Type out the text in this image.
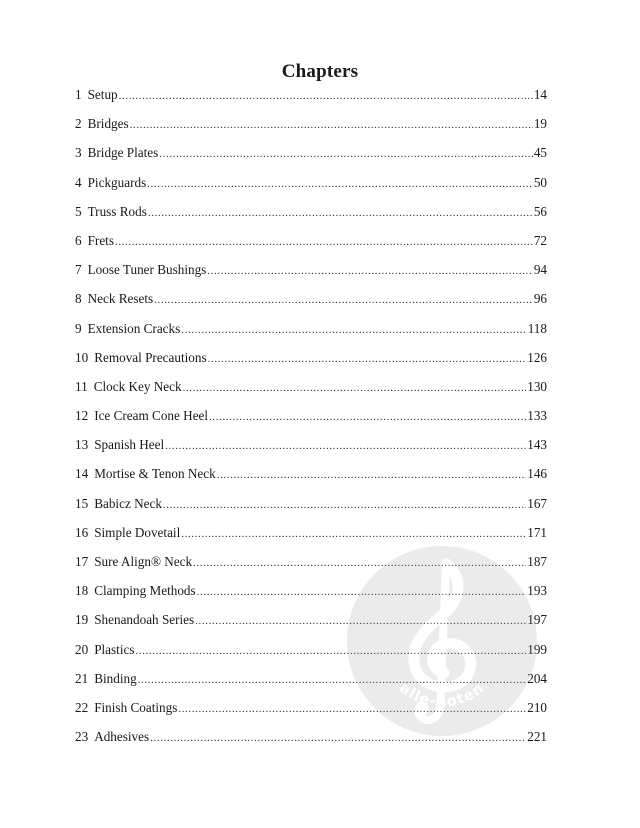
Chapters
1 Setup .....	14
2 Bridges .....	19
3 Bridge Plates .....	45
4 Pickguards .....	50
5 Truss Rods .....	56
6 Frets .....	72
7 Loose Tuner Bushings .....	94
8 Neck Resets .....	96
9 Extension Cracks .....	118
10 Removal Precautions .....	126
11 Clock Key Neck .....	130
12 Ice Cream Cone Heel .....	133
13 Spanish Heel .....	143
14 Mortise & Tenon Neck .....	146
15 Babicz Neck .....	167
16 Simple Dovetail .....	171
17 Sure Align® Neck .....	187
18 Clamping Methods .....	193
19 Shenandoah Series .....	197
20 Plastics .....	199
21 Binding .....	204
22 Finish Coatings .....	210
23 Adhesives .....	221
alle-noten
